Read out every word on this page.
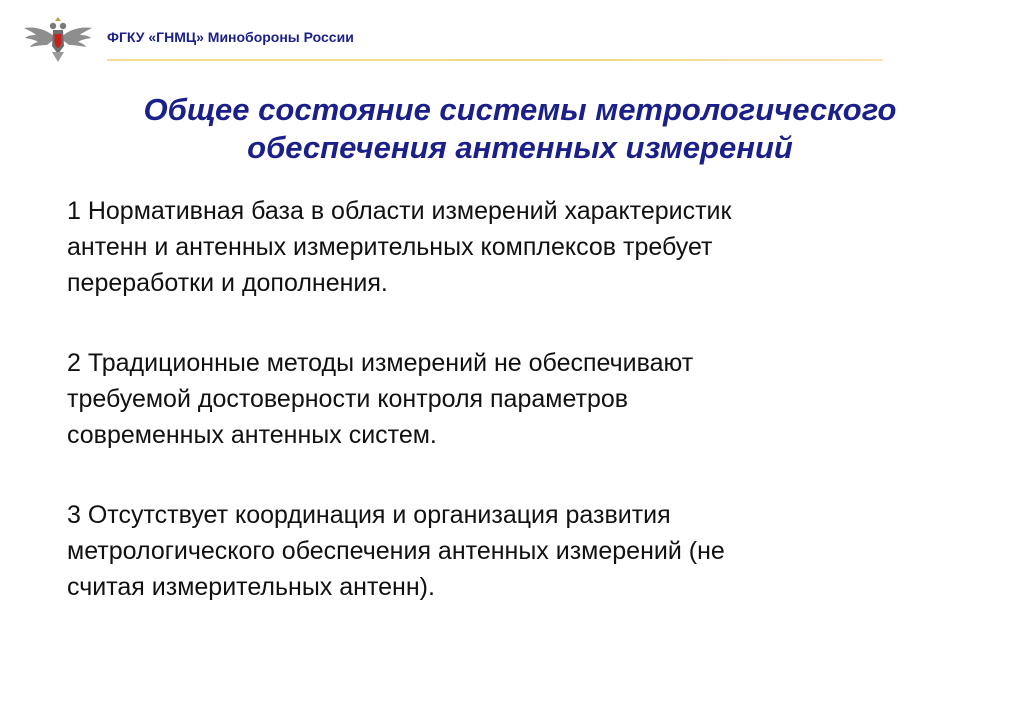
ФГКУ «ГНМЦ» Минобороны России
Общее состояние системы метрологического
обеспечения антенных измерений
1 Нормативная база в области измерений характеристик
антенн и антенных измерительных комплексов требует
переработки и дополнения.
2 Традиционные методы измерений не обеспечивают
требуемой достоверности контроля параметров
современных антенных систем.
3 Отсутствует координация и организация развития
метрологического обеспечения антенных измерений (не
считая измерительных антенн).
